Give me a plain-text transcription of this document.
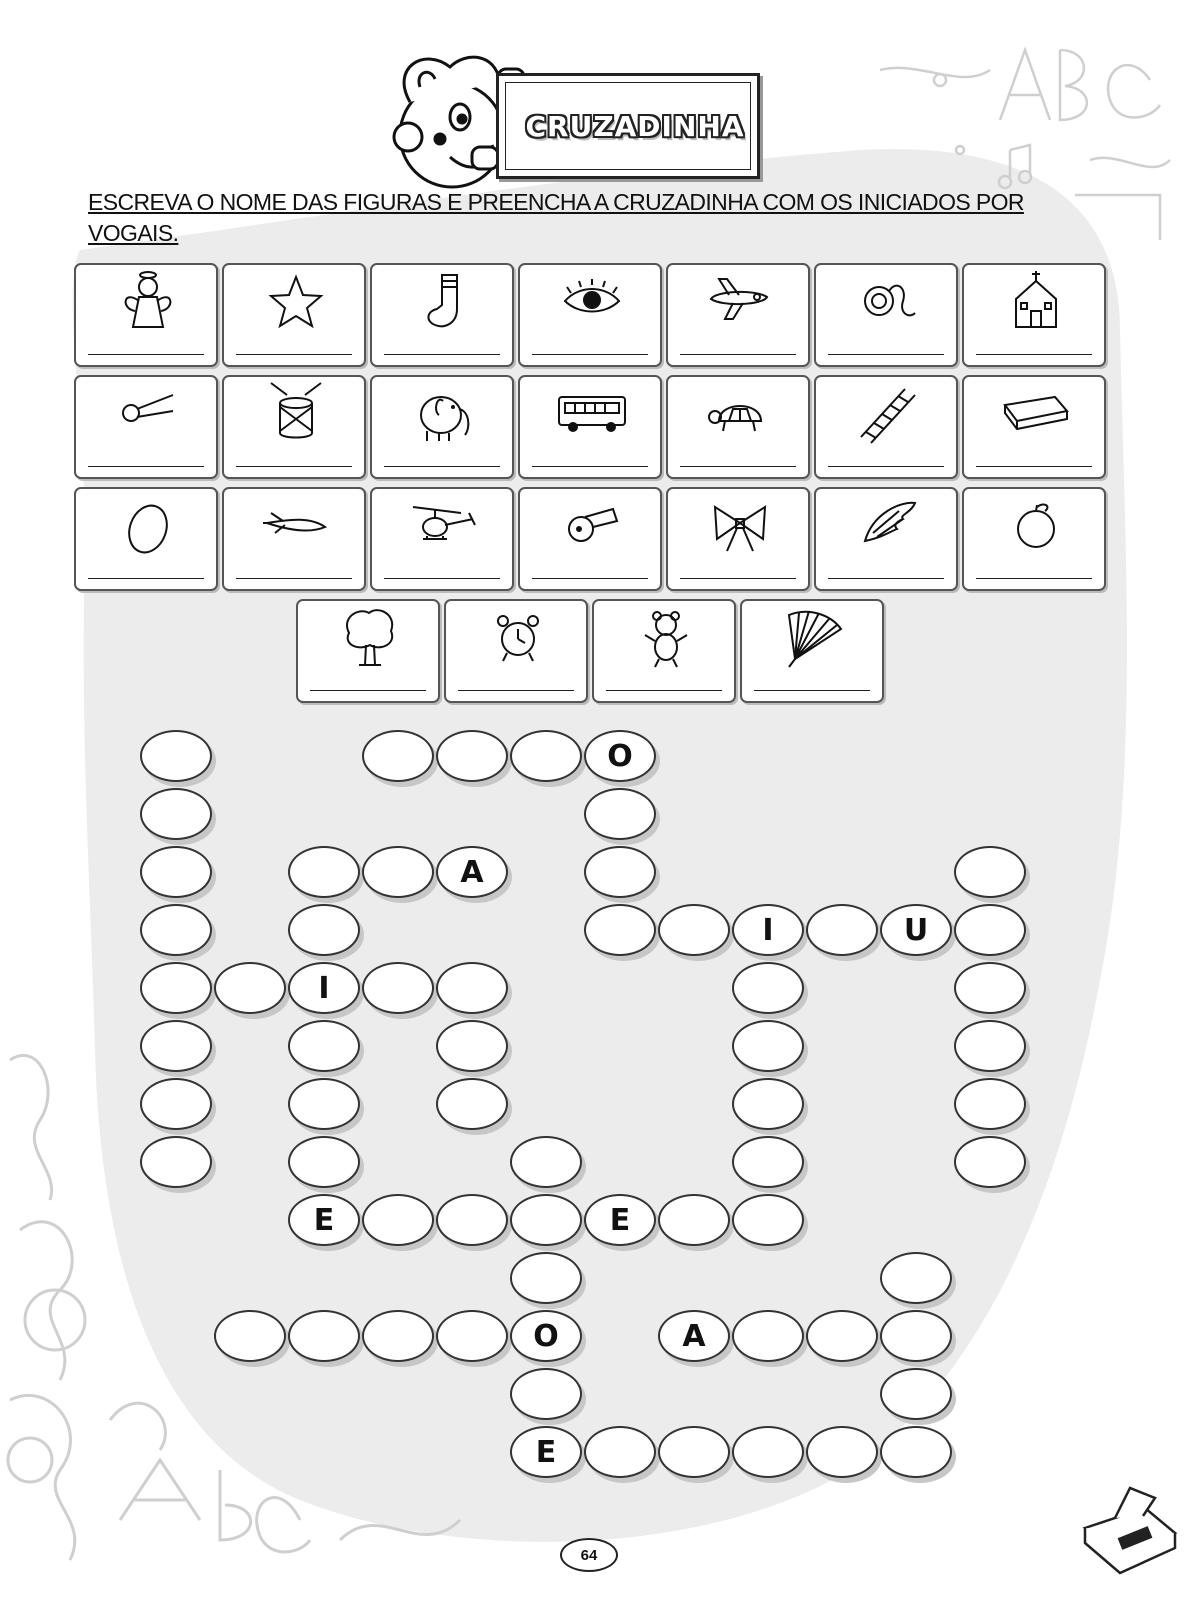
CRUZADINHA
ESCREVA O NOME DAS FIGURAS E PREENCHA A CRUZADINHA COM OS INICIADOS POR VOGAIS.
O
A
I	U
I
E	E
O	A
E
64
